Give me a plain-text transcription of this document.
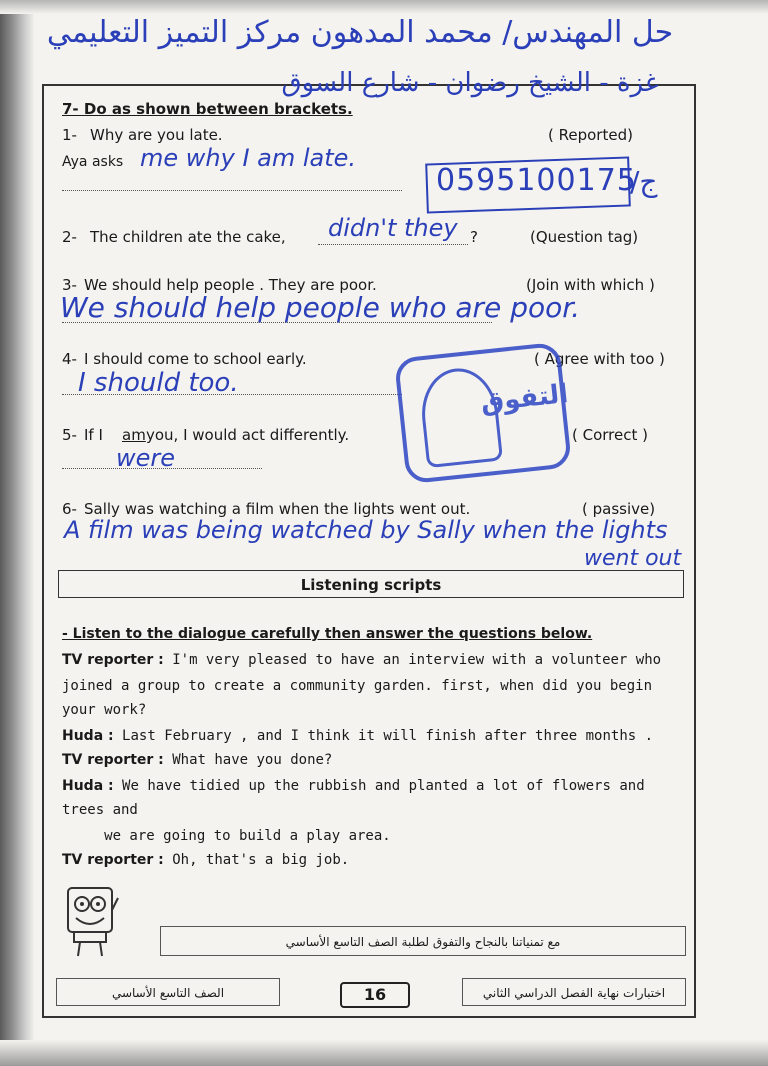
حل المهندس/ محمد المدهون مركز التميز التعليمي
غزة - الشيخ رضوان - شارع السوق
7- Do as shown between brackets.
1- Why are you late.	( Reported)
Aya asks me why I am late.
0595100175
ج/
2- The children ate the cake, didn't they ?	(Question tag)
3- We should help people . They are poor.	(Join with which )
We should help people who are poor.
4- I should come to school early.	( Agree with too )
I should too.
5- If I am you, I would act differently.	( Correct )
were
6- Sally was watching a film when the lights went out.	( passive)
A film was being watched by Sally when the lights
went out
التفوق
Listening scripts
- Listen to the dialogue carefully then answer the questions below.
TV reporter : I'm very pleased to have an interview with a volunteer who
joined a group to create a community garden. first, when did you begin
your work?
Huda : Last February , and I think it will finish after three months .
TV reporter : What have you done?
Huda : We have tidied up the rubbish and planted a lot of flowers and
trees and
we are going to build a play area.
TV reporter : Oh, that's a big job.
مع تمنياتنا بالنجاح والتفوق لطلبة الصف التاسع الأساسي
الصف التاسع الأساسي	16	اختبارات نهاية الفصل الدراسي الثاني
